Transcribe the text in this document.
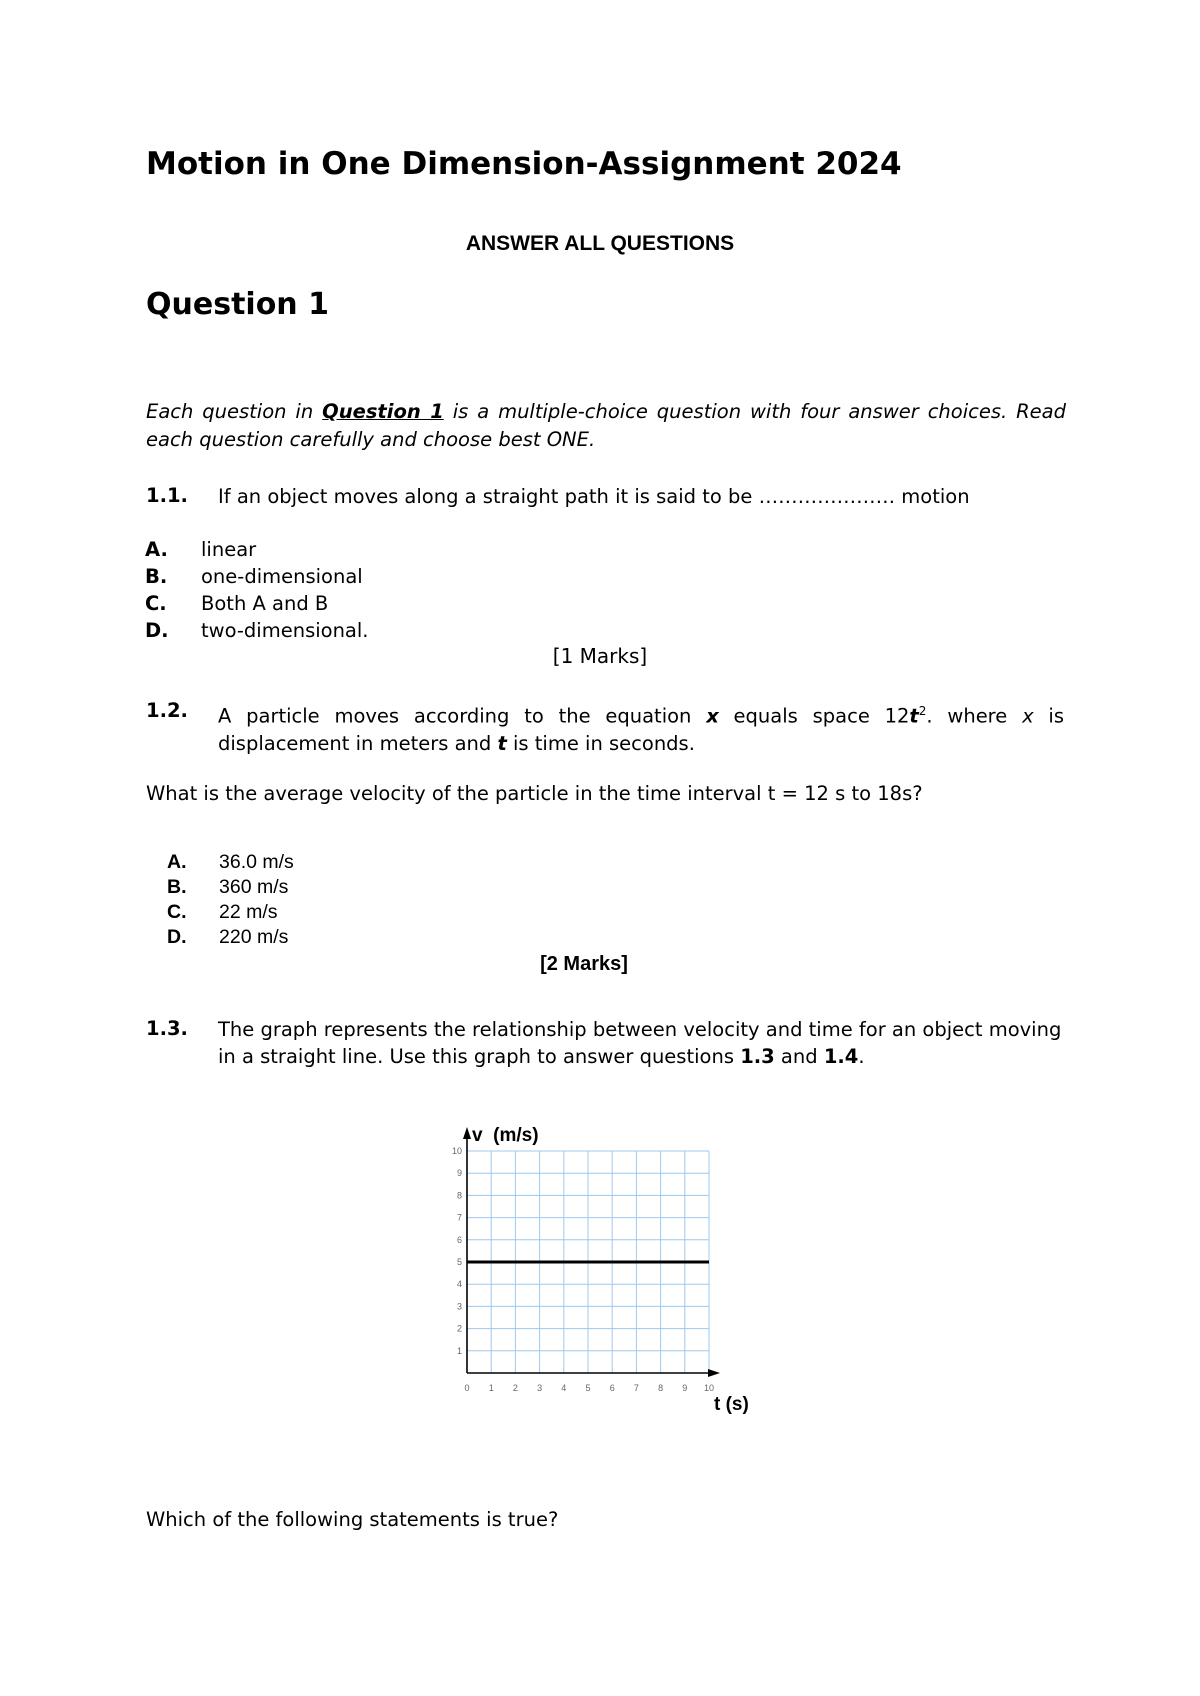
Motion in One Dimension-Assignment 2024
ANSWER ALL QUESTIONS
Question 1
Each question in Question 1 is a multiple-choice question with four answer choices. Read each question carefully and choose best ONE.
1.1. If an object moves along a straight path it is said to be ………………… motion
A. linear
B. one-dimensional
C. Both A and B
D. two-dimensional.
[1 Marks]
1.2. A particle moves according to the equation x equals space $12t^2$. where x is displacement in meters and t is time in seconds.
What is the average velocity of the particle in the time interval t = 12 s to 18s?
A. 36.0 m/s
B. 360 m/s
C. 22 m/s
D. 220 m/s
[2 Marks]
1.3. The graph represents the relationship between velocity and time for an object moving in a straight line. Use this graph to answer questions 1.3 and 1.4.
0 1 2 3 4 5 6 7 8 9 10
1
2
3
4
5
6
7
8
9
10
v  (m/s)
t (s)
Which of the following statements is true?
